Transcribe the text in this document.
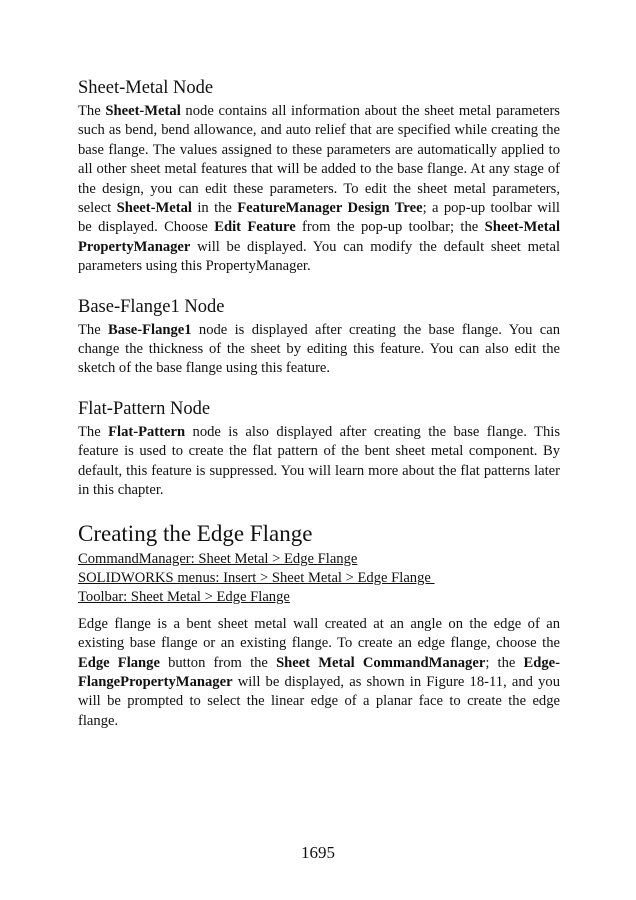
Sheet-Metal Node

The Sheet-Metal node contains all information about the sheet metal parameters such as bend, bend allowance, and auto relief that are specified while creating the base flange. The values assigned to these parameters are automatically applied to all other sheet metal features that will be added to the base flange. At any stage of the design, you can edit these parameters. To edit the sheet metal parameters, select Sheet-Metal in the FeatureManager Design Tree; a pop-up toolbar will be displayed. Choose Edit Feature from the pop-up toolbar; the Sheet-Metal PropertyManager will be displayed. You can modify the default sheet metal parameters using this PropertyManager.

Base-Flange1 Node

The Base-Flange1 node is displayed after creating the base flange. You can change the thickness of the sheet by editing this feature. You can also edit the sketch of the base flange using this feature.

Flat-Pattern Node

The Flat-Pattern node is also displayed after creating the base flange. This feature is used to create the flat pattern of the bent sheet metal component. By default, this feature is suppressed. You will learn more about the flat patterns later in this chapter.

Creating the Edge Flange
CommandManager: Sheet Metal > Edge Flange
SOLIDWORKS menus: Insert > Sheet Metal > Edge Flange
Toolbar: Sheet Metal > Edge Flange

Edge flange is a bent sheet metal wall created at an angle on the edge of an existing base flange or an existing flange. To create an edge flange, choose the Edge Flange button from the Sheet Metal CommandManager; the Edge-FlangePropertyManager will be displayed, as shown in Figure 18-11, and you will be prompted to select the linear edge of a planar face to create the edge flange.

1695
